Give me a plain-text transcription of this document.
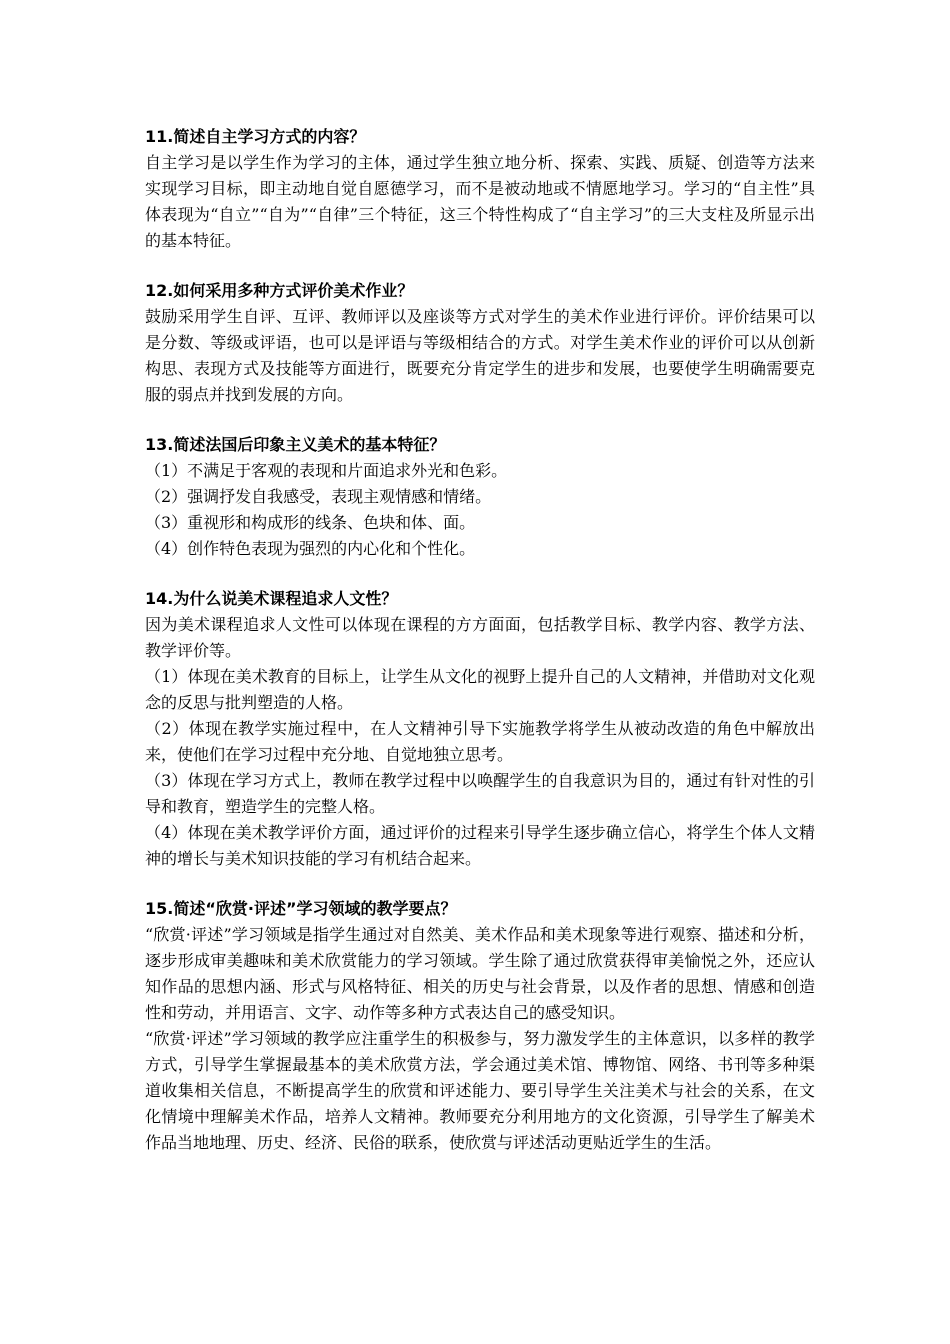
11.简述自主学习方式的内容？
自主学习是以学生作为学习的主体，通过学生独立地分析、探索、实践、质疑、创造等方法来实现学习目标，即主动地自觉自愿德学习，而不是被动地或不情愿地学习。学习的“自主性”具体表现为“自立”“自为”“自律”三个特征，这三个特性构成了“自主学习”的三大支柱及所显示出的基本特征。
12.如何采用多种方式评价美术作业？
鼓励采用学生自评、互评、教师评以及座谈等方式对学生的美术作业进行评价。评价结果可以是分数、等级或评语，也可以是评语与等级相结合的方式。对学生美术作业的评价可以从创新构思、表现方式及技能等方面进行，既要充分肯定学生的进步和发展，也要使学生明确需要克服的弱点并找到发展的方向。
13.简述法国后印象主义美术的基本特征？
（1）不满足于客观的表现和片面追求外光和色彩。
（2）强调抒发自我感受，表现主观情感和情绪。
（3）重视形和构成形的线条、色块和体、面。
（4）创作特色表现为强烈的内心化和个性化。
14.为什么说美术课程追求人文性？
因为美术课程追求人文性可以体现在课程的方方面面，包括教学目标、教学内容、教学方法、教学评价等。
（1）体现在美术教育的目标上，让学生从文化的视野上提升自己的人文精神，并借助对文化观念的反思与批判塑造的人格。
（2）体现在教学实施过程中，在人文精神引导下实施教学将学生从被动改造的角色中解放出来，使他们在学习过程中充分地、自觉地独立思考。
（3）体现在学习方式上，教师在教学过程中以唤醒学生的自我意识为目的，通过有针对性的引导和教育，塑造学生的完整人格。
（4）体现在美术教学评价方面，通过评价的过程来引导学生逐步确立信心，将学生个体人文精神的增长与美术知识技能的学习有机结合起来。
15.简述“欣赏·评述”学习领域的教学要点？
“欣赏·评述”学习领域是指学生通过对自然美、美术作品和美术现象等进行观察、描述和分析，逐步形成审美趣味和美术欣赏能力的学习领域。学生除了通过欣赏获得审美愉悦之外，还应认知作品的思想内涵、形式与风格特征、相关的历史与社会背景，以及作者的思想、情感和创造性和劳动，并用语言、文字、动作等多种方式表达自己的感受知识。
“欣赏·评述”学习领域的教学应注重学生的积极参与，努力激发学生的主体意识，以多样的教学方式，引导学生掌握最基本的美术欣赏方法，学会通过美术馆、博物馆、网络、书刊等多种渠道收集相关信息，不断提高学生的欣赏和评述能力、要引导学生关注美术与社会的关系，在文化情境中理解美术作品，培养人文精神。教师要充分利用地方的文化资源，引导学生了解美术作品当地地理、历史、经济、民俗的联系，使欣赏与评述活动更贴近学生的生活。
